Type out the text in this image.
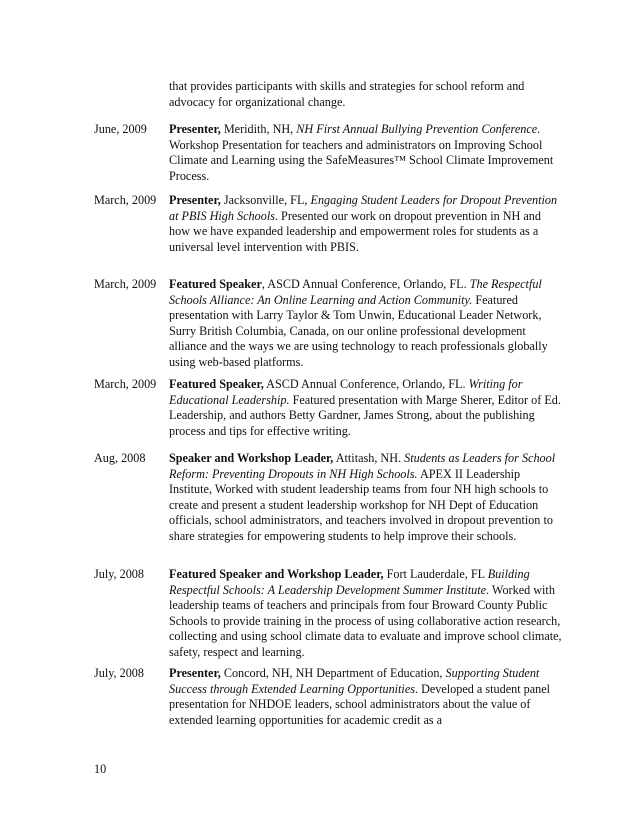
that provides participants with skills and strategies for school reform and advocacy for organizational change.
June, 2009 Presenter, Meridith, NH, NH First Annual Bullying Prevention Conference. Workshop Presentation for teachers and administrators on Improving School Climate and Learning using the SafeMeasures™ School Climate Improvement Process.
March, 2009 Presenter, Jacksonville, FL, Engaging Student Leaders for Dropout Prevention at PBIS High Schools. Presented our work on dropout prevention in NH and how we have expanded leadership and empowerment roles for students as a universal level intervention with PBIS.
March, 2009 Featured Speaker, ASCD Annual Conference, Orlando, FL. The Respectful Schools Alliance: An Online Learning and Action Community. Featured presentation with Larry Taylor & Tom Unwin, Educational Leader Network, Surry British Columbia, Canada, on our online professional development alliance and the ways we are using technology to reach professionals globally using web-based platforms.
March, 2009 Featured Speaker, ASCD Annual Conference, Orlando, FL. Writing for Educational Leadership. Featured presentation with Marge Sherer, Editor of Ed. Leadership, and authors Betty Gardner, James Strong, about the publishing process and tips for effective writing.
Aug, 2008 Speaker and Workshop Leader, Attitash, NH. Students as Leaders for School Reform: Preventing Dropouts in NH High Schools. APEX II Leadership Institute, Worked with student leadership teams from four NH high schools to create and present a student leadership workshop for NH Dept of Education officials, school administrators, and teachers involved in dropout prevention to share strategies for empowering students to help improve their schools.
July, 2008 Featured Speaker and Workshop Leader, Fort Lauderdale, FL Building Respectful Schools: A Leadership Development Summer Institute. Worked with leadership teams of teachers and principals from four Broward County Public Schools to provide training in the process of using collaborative action research, collecting and using school climate data to evaluate and improve school climate, safety, respect and learning.
July, 2008 Presenter, Concord, NH, NH Department of Education, Supporting Student Success through Extended Learning Opportunities. Developed a student panel presentation for NHDOE leaders, school administrators about the value of extended learning opportunities for academic credit as a
10
